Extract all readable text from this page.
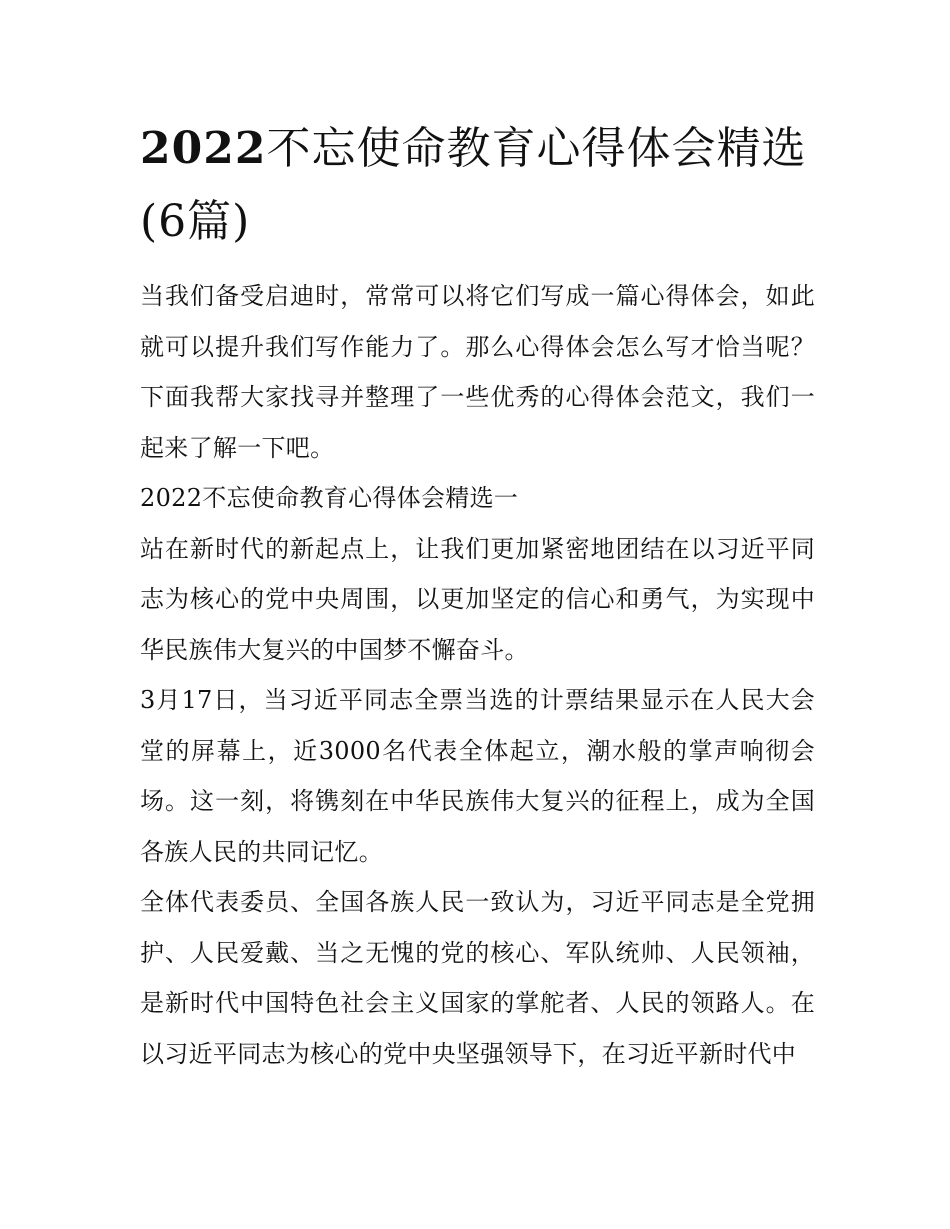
2022不忘使命教育心得体会精选(6篇)

当我们备受启迪时，常常可以将它们写成一篇心得体会，如此就可以提升我们写作能力了。那么心得体会怎么写才恰当呢？下面我帮大家找寻并整理了一些优秀的心得体会范文，我们一起来了解一下吧。

2022不忘使命教育心得体会精选一

站在新时代的新起点上，让我们更加紧密地团结在以习近平同志为核心的党中央周围，以更加坚定的信心和勇气，为实现中华民族伟大复兴的中国梦不懈奋斗。

3月17日，当习近平同志全票当选的计票结果显示在人民大会堂的屏幕上，近3000名代表全体起立，潮水般的掌声响彻会场。这一刻，将镌刻在中华民族伟大复兴的征程上，成为全国各族人民的共同记忆。

全体代表委员、全国各族人民一致认为，习近平同志是全党拥护、人民爱戴、当之无愧的党的核心、军队统帅、人民领袖，是新时代中国特色社会主义国家的掌舵者、人民的领路人。在以习近平同志为核心的党中央坚强领导下，在习近平新时代中
